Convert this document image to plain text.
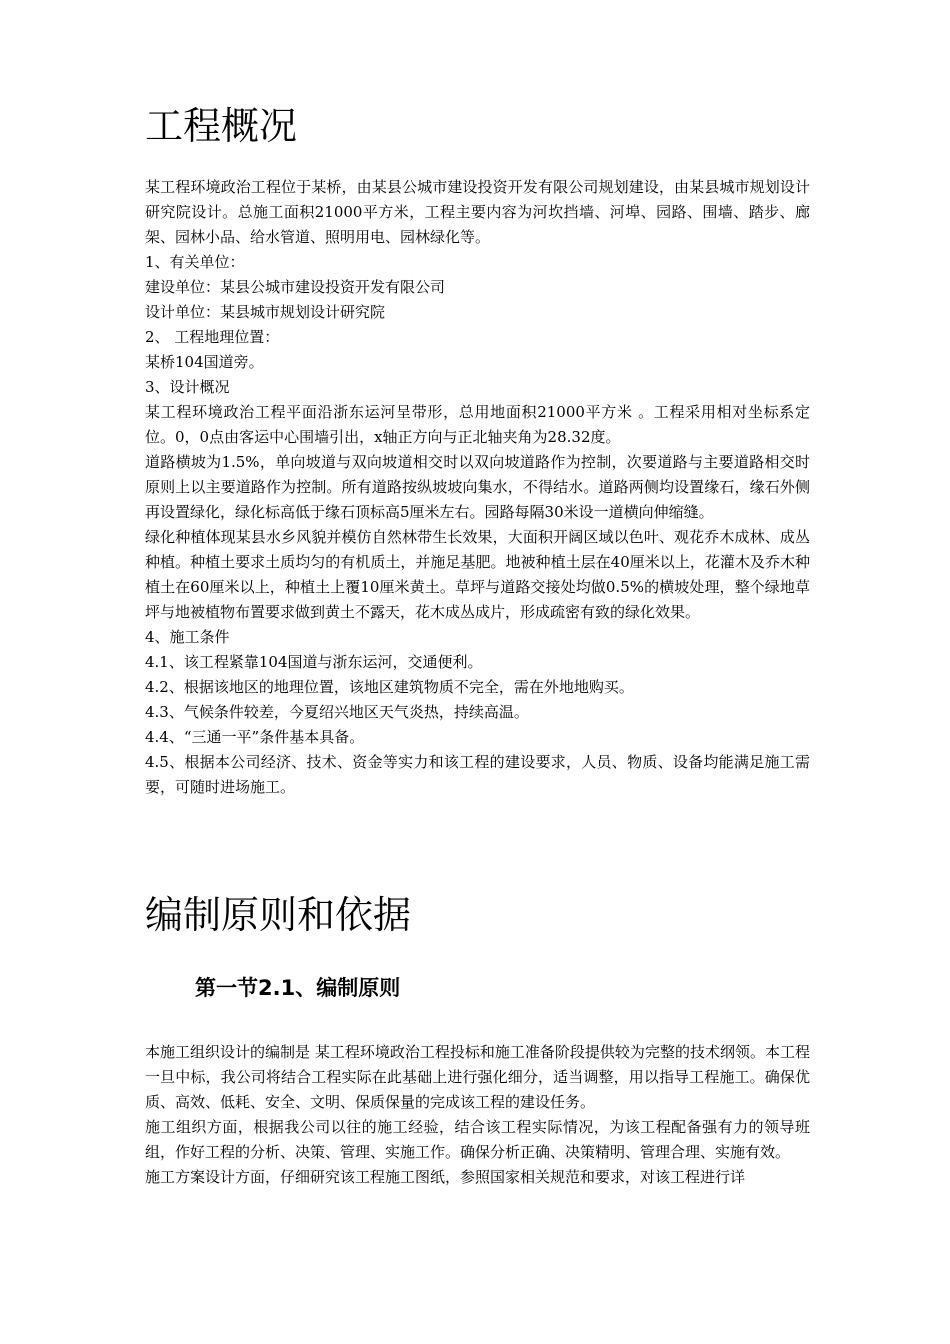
工程概况

某工程环境政治工程位于某桥，由某县公城市建设投资开发有限公司规划建设，由某县城市规划设计研究院设计。总施工面积21000平方米，工程主要内容为河坎挡墙、河埠、园路、围墙、踏步、廊架、园林小品、给水管道、照明用电、园林绿化等。

1、有关单位：

建设单位：某县公城市建设投资开发有限公司

设计单位：某县城市规划设计研究院

2、 工程地理位置：

某桥104国道旁。

3、设计概况

某工程环境政治工程平面沿浙东运河呈带形，总用地面积21000平方米 。工程采用相对坐标系定位。0，0点由客运中心围墙引出，x轴正方向与正北轴夹角为28.32度。

道路横坡为1.5%，单向坡道与双向坡道相交时以双向坡道路作为控制，次要道路与主要道路相交时原则上以主要道路作为控制。所有道路按纵坡坡向集水，不得结水。道路两侧均设置缘石，缘石外侧再设置绿化，绿化标高低于缘石顶标高5厘米左右。园路每隔30米设一道横向伸缩缝。

绿化种植体现某县水乡风貌并模仿自然林带生长效果，大面积开阔区域以色叶、观花乔木成林、成丛种植。种植土要求土质均匀的有机质土，并施足基肥。地被种植土层在40厘米以上，花灌木及乔木种植土在60厘米以上，种植土上覆10厘米黄土。草坪与道路交接处均做0.5%的横坡处理，整个绿地草坪与地被植物布置要求做到黄土不露天，花木成丛成片，形成疏密有致的绿化效果。

4、施工条件

4.1、该工程紧靠104国道与浙东运河，交通便利。

4.2、根据该地区的地理位置，该地区建筑物质不完全，需在外地地购买。

4.3、气候条件较差，今夏绍兴地区天气炎热，持续高温。

4.4、“三通一平”条件基本具备。

4.5、根据本公司经济、技术、资金等实力和该工程的建设要求，人员、物质、设备均能满足施工需要，可随时进场施工。

编制原则和依据
第一节2.1、编制原则

本施工组织设计的编制是 某工程环境政治工程投标和施工准备阶段提供较为完整的技术纲领。本工程一旦中标，我公司将结合工程实际在此基础上进行强化细分，适当调整，用以指导工程施工。确保优质、高效、低耗、安全、文明、保质保量的完成该工程的建设任务。

施工组织方面，根据我公司以往的施工经验，结合该工程实际情况，为该工程配备强有力的领导班组，作好工程的分析、决策、管理、实施工作。确保分析正确、决策精明、管理合理、实施有效。

施工方案设计方面，仔细研究该工程施工图纸，参照国家相关规范和要求，对该工程进行详
